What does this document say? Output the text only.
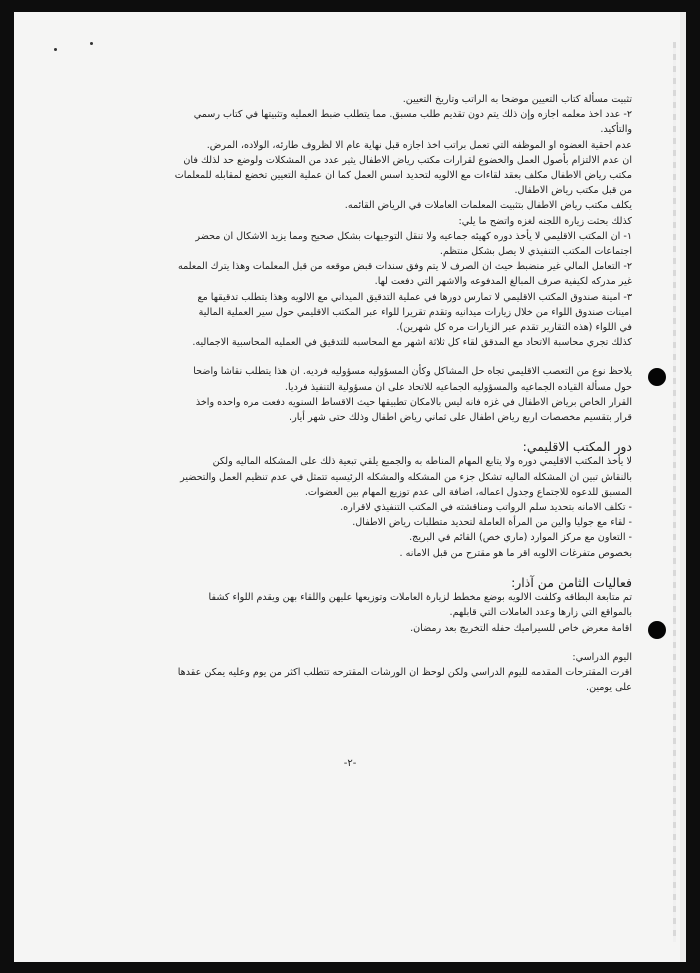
تثبيت مسألة كتاب التعيين موضحا به الراتب وتاريخ التعيين.

٢- عدد اخذ معلمه اجازه وإن ذلك يتم دون تقديم طلب مسبق. مما يتطلب ضبط العمليه وتثبيتها في كتاب رسمي

والتأكيد.

عدم احقية العضوه او الموظفه التي تعمل براتب اخذ اجازه قبل نهاية عام الا لظروف طارئه، الولاده، المرض.

ان عدم الالتزام بأصول العمل والخضوع لقرارات مكتب رياض الاطفال يثير عدد من المشكلات ولوضع حد لذلك فان

مكتب رياض الاطفال مكلف بعقد لقاءات مع الالويه لتحديد اسس العمل كما ان عملية التعيين تخضع لمقابله للمعلمات

من قبل مكتب رياض الاطفال.

يكلف مكتب رياض الاطفال بتثبيت المعلمات العاملات في الرياض القائمه.

كذلك بحثت زيارة اللجنه لغزه واتضح ما يلي:

١- ان المكتب الاقليمي لا يأخذ دوره كهيئه جماعيه ولا تنقل التوجيهات بشكل صحيح ومما يزيد الاشكال ان محضر

اجتماعات المكتب التنفيذي لا يصل بشكل منتظم.

٢- التعامل المالي غير منضبط حيث ان الصرف لا يتم وفق سندات قبض موقعه من قبل المعلمات وهذا يترك المعلمه

غير مدركه لكيفية صرف المبالغ المدفوعه والاشهر التي دفعت لها.

٣- امينة صندوق المكتب الاقليمي لا تمارس دورها في عملية التدقيق الميداني مع الالويه وهذا يتطلب تدقيقها مع

امينات صندوق اللواء من خلال زيارات ميدانيه وتقدم تقريرا للواء عبر المكتب الاقليمي حول سير العملية المالية

في اللواء (هذه التقارير تقدم عبر الزيارات مره كل شهرين).

كذلك تجري محاسبة الاتحاد مع المدقق لقاء كل ثلاثة اشهر مع المحاسبه للتدقيق في العمليه المحاسبية الاجماليه.

يلاحظ نوع من التعصب الاقليمي تجاه حل المشاكل وكأن المسؤوليه مسؤوليه فرديه. ان هذا يتطلب نقاشا واضحا

حول مسألة القياده الجماعيه والمسؤوليه الجماعيه للاتحاد على ان مسؤولية التنفيذ فرديا.

القرار الخاص برياض الاطفال في غزه فانه ليس بالامكان تطبيقها حيث الاقساط السنويه دفعت مره واحده واخذ

قرار بتقسيم مخصصات اربع رياض اطفال على ثماني رياض اطفال وذلك حتى شهر أيار.

دور المكتب الاقليمي:

لا يأخذ المكتب الاقليمي دوره ولا يتابع المهام المناطه به والجميع يلقي تبعية ذلك على المشكله الماليه ولكن

بالنقاش تبين ان المشكله الماليه تشكل جزء من المشكله والمشكله الرئيسيه تتمثل في عدم تنظيم العمل والتحضير

المسبق للدعوه للاجتماع وجدول اعماله، اضافة الى عدم توزيع المهام بين العضوات.

- تكلف الامانه بتحديد سلم الرواتب ومناقشته في المكتب التنفيذي لاقراره.

- لقاء مع جوليا والين من المرأة العاملة لتحديد متطلبات رياض الاطفال.

- التعاون مع مركز الموارد (ماري خص) القائم في البريج.

بخصوص متفرغات الالويه اقر ما هو مقترح من قبل الامانه .

فعاليات الثامن من آذار:

تم متابعة البطاقه وكلفت الالويه بوضع مخطط لزيارة العاملات وتوزيعها عليهن واللقاء بهن ويقدم اللواء كشفا

بالمواقع التي زارها وعدد العاملات التي قابلهم.

اقامة معرض خاص للسيراميك حفله التخريج بعد رمضان.

اليوم الدراسي:

اقرت المقترحات المقدمه لليوم الدراسي ولكن لوحظ ان الورشات المقترحه تتطلب اكثر من يوم وعليه يمكن عقدها

على يومين.

-٢-
